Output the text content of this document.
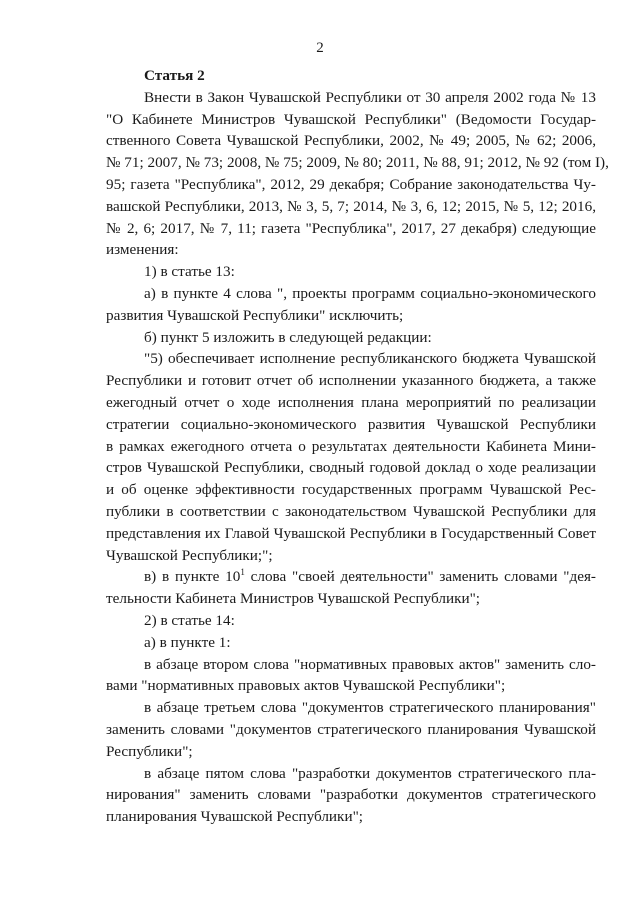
2

Статья 2

Внести в Закон Чувашской Республики от 30 апреля 2002 года № 13

"О Кабинете Министров Чувашской Республики" (Ведомости Государ-

ственного Совета Чувашской Республики, 2002, № 49; 2005, № 62; 2006,

№ 71; 2007, № 73; 2008, № 75; 2009, № 80; 2011, № 88, 91; 2012, № 92 (том I),

95; газета "Республика", 2012, 29 декабря; Собрание законодательства Чу-

вашской Республики, 2013, № 3, 5, 7; 2014, № 3, 6, 12; 2015, № 5, 12; 2016,

№ 2, 6; 2017, № 7, 11; газета "Республика", 2017, 27 декабря) следующие

изменения:

1) в статье 13:

а) в пункте 4 слова ", проекты программ социально-экономического

развития Чувашской Республики" исключить;

б) пункт 5 изложить в следующей редакции:

"5) обеспечивает исполнение республиканского бюджета Чувашской

Республики и готовит отчет об исполнении указанного бюджета, а также

ежегодный отчет о ходе исполнения плана мероприятий по реализации

стратегии социально-экономического развития Чувашской Республики

в рамках ежегодного отчета о результатах деятельности Кабинета Мини-

стров Чувашской Республики, сводный годовой доклад о ходе реализации

и об оценке эффективности государственных программ Чувашской Рес-

публики в соответствии с законодательством Чувашской Республики для

представления их Главой Чувашской Республики в Государственный Совет

Чувашской Республики;";

в) в пункте $10^1$ слова "своей деятельности" заменить словами "дея-

тельности Кабинета Министров Чувашской Республики";

2) в статье 14:

а) в пункте 1:

в абзаце втором слова "нормативных правовых актов" заменить сло-

вами "нормативных правовых актов Чувашской Республики";

в абзаце третьем слова "документов стратегического планирования"

заменить словами "документов стратегического планирования Чувашской

Республики";

в абзаце пятом слова "разработки документов стратегического пла-

нирования" заменить словами "разработки документов стратегического

планирования Чувашской Республики";
